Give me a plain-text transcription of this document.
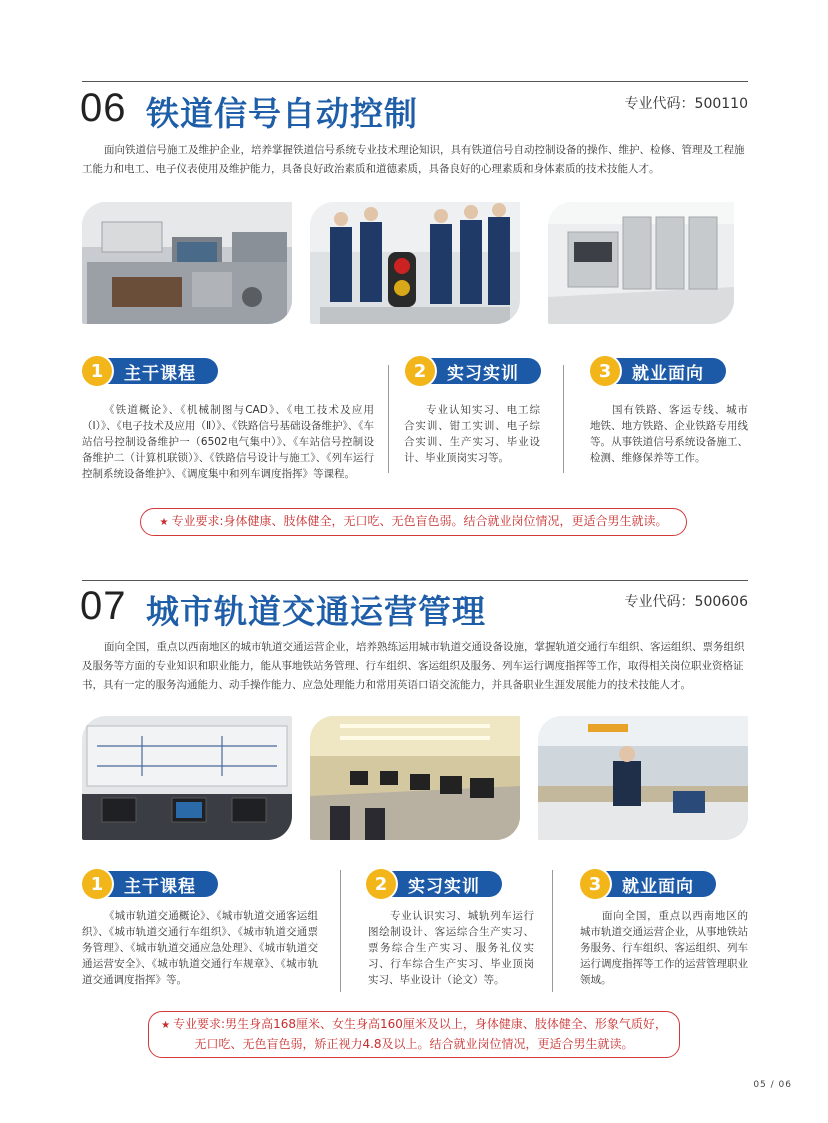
06 铁道信号自动控制	专业代码：500110

面向铁道信号施工及维护企业，培养掌握铁道信号系统专业技术理论知识，具有铁道信号自动控制设备的操作、维护、检修、管理及工程施工能力和电工、电子仪表使用及维护能力，具备良好政治素质和道德素质，具备良好的心理素质和身体素质的技术技能人才。

1	主干课程	2	实习实训	3	就业面向

《铁道概论》、《机械制图与CAD》、《电工技术及应用（Ⅰ）》、《电子技术及应用（Ⅱ）》、《铁路信号基础设备维护》、《车站信号控制设备维护一（6502电气集中）》、《车站信号控制设备维护二（计算机联锁）》、《铁路信号设计与施工》、《列车运行控制系统设备维护》、《调度集中和列车调度指挥》等课程。

专业认知实习、电工综合实训、钳工实训、电子综合实训、生产实习、毕业设计、毕业顶岗实习等。

国有铁路、客运专线、城市地铁、地方铁路、企业铁路专用线等。从事铁道信号系统设备施工、检测、维修保养等工作。

★ 专业要求:身体健康、肢体健全，无口吃、无色盲色弱。结合就业岗位情况，更适合男生就读。
07 城市轨道交通运营管理	专业代码：500606

面向全国，重点以西南地区的城市轨道交通运营企业，培养熟练运用城市轨道交通设备设施，掌握轨道交通行车组织、客运组织、票务组织及服务等方面的专业知识和职业能力，能从事地铁站务管理、行车组织、客运组织及服务、列车运行调度指挥等工作，取得相关岗位职业资格证书，具有一定的服务沟通能力、动手操作能力、应急处理能力和常用英语口语交流能力，并具备职业生涯发展能力的技术技能人才。

1	主干课程	2	实习实训	3	就业面向

《城市轨道交通概论》、《城市轨道交通客运组织》、《城市轨道交通行车组织》、《城市轨道交通票务管理》、《城市轨道交通应急处理》、《城市轨道交通运营安全》、《城市轨道交通行车规章》、《城市轨道交通调度指挥》等。

专业认识实习、城轨列车运行图绘制设计、客运综合生产实习、票务综合生产实习、服务礼仪实习、行车综合生产实习、毕业顶岗实习、毕业设计（论文）等。

面向全国，重点以西南地区的城市轨道交通运营企业，从事地铁站务服务、行车组织、客运组织、列车运行调度指挥等工作的运营管理职业领域。

★ 专业要求:男生身高168厘米、女生身高160厘米及以上，身体健康、肢体健全、形象气质好，
无口吃、无色盲色弱，矫正视力4.8及以上。结合就业岗位情况，更适合男生就读。
05 / 06
